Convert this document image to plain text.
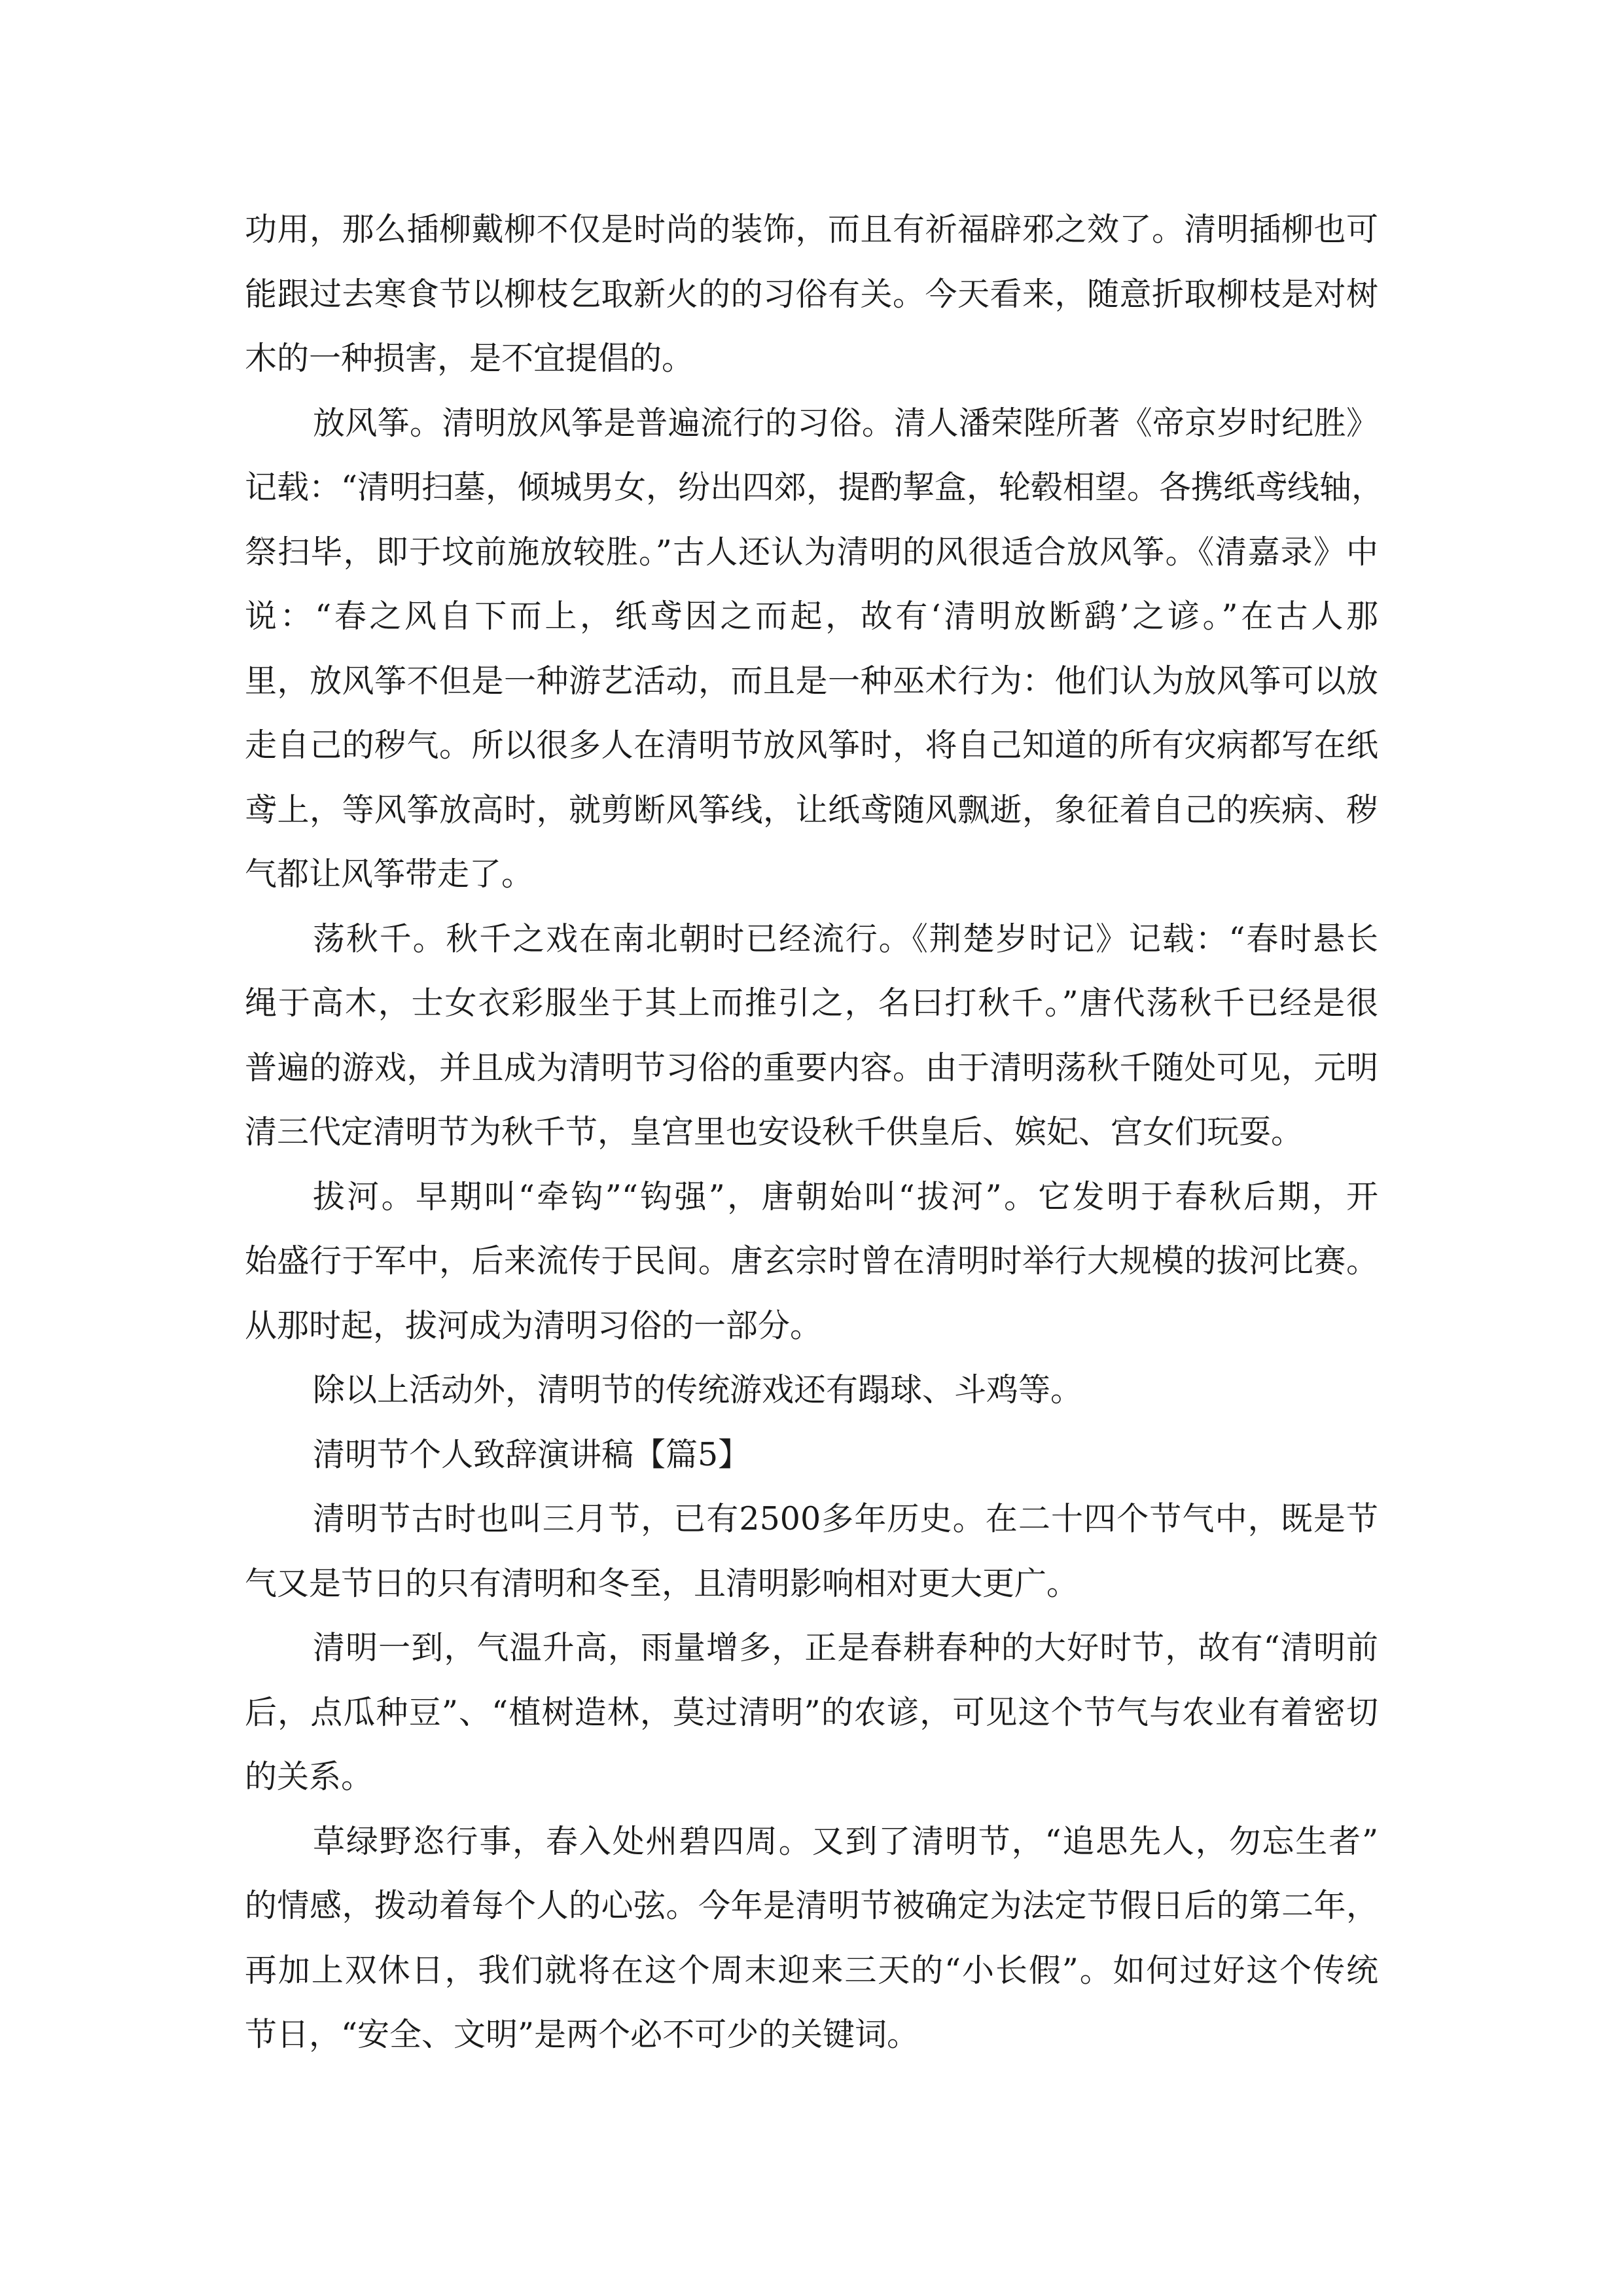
功用，那么插柳戴柳不仅是时尚的装饰，而且有祈福辟邪之效了。清明插柳也可
能跟过去寒食节以柳枝乞取新火的的习俗有关。今天看来，随意折取柳枝是对树
木的一种损害，是不宜提倡的。
放风筝。清明放风筝是普遍流行的习俗。清人潘荣陛所著《帝京岁时纪胜》
记载：“清明扫墓，倾城男女，纷出四郊，提酌挈盒，轮毂相望。各携纸鸢线轴，
祭扫毕，即于坟前施放较胜。”古人还认为清明的风很适合放风筝。《清嘉录》中
说：“春之风自下而上，纸鸢因之而起，故有‘清明放断鹞’之谚。”在古人那
里，放风筝不但是一种游艺活动，而且是一种巫术行为：他们认为放风筝可以放
走自己的秽气。所以很多人在清明节放风筝时，将自己知道的所有灾病都写在纸
鸢上，等风筝放高时，就剪断风筝线，让纸鸢随风飘逝，象征着自己的疾病、秽
气都让风筝带走了。
荡秋千。秋千之戏在南北朝时已经流行。《荆楚岁时记》记载：“春时悬长
绳于高木，士女衣彩服坐于其上而推引之，名曰打秋千。”唐代荡秋千已经是很
普遍的游戏，并且成为清明节习俗的重要内容。由于清明荡秋千随处可见，元明
清三代定清明节为秋千节，皇宫里也安设秋千供皇后、嫔妃、宫女们玩耍。
拔河。早期叫“牵钩”“钩强”，唐朝始叫“拔河”。它发明于春秋后期，开
始盛行于军中，后来流传于民间。唐玄宗时曾在清明时举行大规模的拔河比赛。
从那时起，拔河成为清明习俗的一部分。
除以上活动外，清明节的传统游戏还有蹋球、斗鸡等。
清明节个人致辞演讲稿【篇5】
清明节古时也叫三月节，已有2500多年历史。在二十四个节气中，既是节
气又是节日的只有清明和冬至，且清明影响相对更大更广。
清明一到，气温升高，雨量增多，正是春耕春种的大好时节，故有“清明前
后，点瓜种豆”、“植树造林，莫过清明”的农谚，可见这个节气与农业有着密切
的关系。
草绿野恣行事，春入处州碧四周。又到了清明节，“追思先人，勿忘生者”
的情感，拨动着每个人的心弦。今年是清明节被确定为法定节假日后的第二年，
再加上双休日，我们就将在这个周末迎来三天的“小长假”。如何过好这个传统
节日，“安全、文明”是两个必不可少的关键词。
